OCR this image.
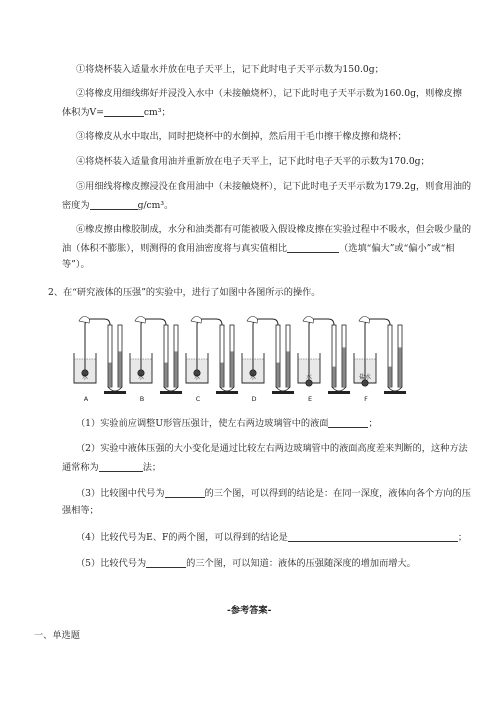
①将烧杯装入适量水并放在电子天平上，记下此时电子天平示数为150.0g；
②将橡皮用细线绑好并浸没入水中（未接触烧杯），记下此时电子天平示数为160.0g，则橡皮擦
体积为V=	cm³；
③将橡皮从水中取出，同时把烧杯中的水倒掉，然后用干毛巾擦干橡皮擦和烧杯；
④将烧杯装入适量食用油并重新放在电子天平上，记下此时电子天平的示数为170.0g；
⑤用细线将橡皮擦浸没在食用油中（未接触烧杯），记下此时电子天平示数为179.2g，则食用油的
密度为	g/cm³。
⑥橡皮擦由橡胶制成，水分和油类都有可能被吸入假设橡皮擦在实验过程中不吸水，但会吸少量的
油（体积不膨胀），则测得的食用油密度将与真实值相比	（选填“偏大”或“偏小”或“相
等”）。
2、在“研究液体的压强”的实验中，进行了如图中各图所示的操作。
水
A
水
B
水
C
水
D
水
E
盐水
F
（1）实验前应调整U形管压强计，使左右两边玻璃管中的液面	；
（2）实验中液体压强的大小变化是通过比较左右两边玻璃管中的液面高度差来判断的，这种方法
通常称为	法；
（3）比较图中代号为	的三个图，可以得到的结论是：在同一深度，液体向各个方向的压
强相等；
（4）比较代号为E、F的两个图，可以得到的结论是	；
（5）比较代号为	的三个图，可以知道：液体的压强随深度的增加而增大。
-参考答案-
一、单选题
